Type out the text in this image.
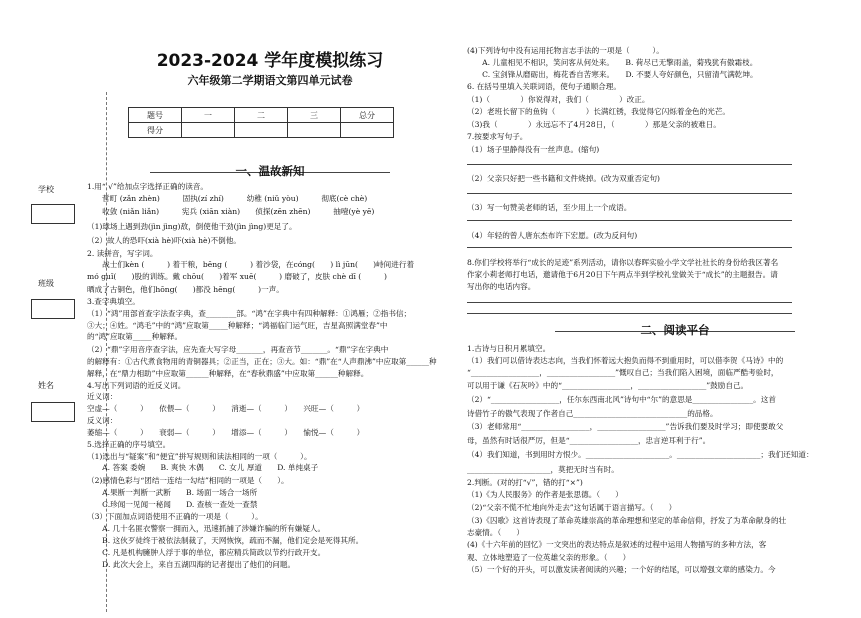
学校
班级
姓名
2023-2024 学年度模拟练习
六年级第二学期语文第四单元试卷
题号	一	二	三	总分
得分				
一、温故新知
二、阅读平台
1.用“ √”给加点字选择正确的读音。
　　哲町 (zǎn zhèn)　　　固执(zí zhí)　　　幼稚 (niǔ yòu)　　　彻底(cè chè)
　　收敛 (niǎn liǎn)　　　宪兵 (xiān xiàn)　　侦探(zēn zhēn)　　　抽噎(yè yē)
（1)球场上遇到劲(jìn jìng)敌，倒使他干劲(jìn jìng)更足了。
（2）故人的恐吓(xià hè)吓(xià hè)不倒他。
2. 读拼音，写字词。
　　战士们kèn (　　　) 着干粮，bēng (　　　) 着沙袋，在cóng(　　) lì jūn(　　)峙间进行着
mó guǐ(　　)股的训练。戴 chōu(　　)着军 xuē(　　　) 磨破了，皮肤 chè dī (　　　)
晒成了古铜色，他们hōng(　　)都没 hēng(　　　)一声。
3.查字典填空。
（1）“鸿”用部首查字法查字典，查________部。“鸿”在字典中有四种解释：①鸿雁；②指书信；
③大；④姓。“鸿毛”中的“鸿”应取第_____种解释；“鸿福临门运气旺，吉星高照满堂春”中
的“鸿”应取第_____种解释。
（2）“鼎”字用音序查字法，应先查大写字母_______，再查音节_______。“鼎”字在字典中
的解释有：①古代煮食物用的青铜器具；②正当，正在；③大。如：“鼎”在“人声鼎沸”中应取第______种
解释，在“鼎力相助”中应取第______种解释，在“春秋鼎盛”中应取第______种解释。
4.写出下列词语的近反义词。
近义词：
空虚—（　　　）　　依偎—（　　　）　　消逝—（　　　）　　兴旺—（　　　）
反义词：
萎缩—（　　　）　　衰弱—（　　　）　　增添—（　　　）　　愉悦—（　　　）
5.选择正确的序号填空。
（1)选出与“疑案”和“便宜”拼写规则和读法相同的一项（　　　）。
　　A. 答案 委婉　　B. 爽快 木偶　　C. 女儿 厚道　　D. 单纯桌子
（2)感情色彩与“团结一连结一勾结”相同的一项是（　　）。
　　A.果断一判断一武断　　B. 场面一场合一场所
　　C.珍闻一见闻一秘闻　　D. 查核一查处一查禁
（3）下面加点词语使用不正确的一项是（　　　）。
　　A. 几十名匪衣警察一拥而入，迅速抓捕了涉嫌诈骗的所有嫌疑人。
　　B. 这伙歹徒终于被依法制裁了，天网恢恢，疏而不漏，他们定会是死得其所。
　　C. 凡是机构臃肿人浮于事的单位，都应精兵简政以节约行政开支。
　　D. 此次大会上，来自五湖四海的记者提出了他们的问题。
(4)下列诗句中没有运用托物言志手法的一项是（　　　）。
　　A. 儿童相见不相识，笑问客从何处来。　　B. 荷尽已无擎雨盖，菊残犹有傲霜枝。
　　C. 宝剑锋从磨砺出，梅花香自苦寒来。　　D. 不要人夸好颜色，只留清气满乾坤。
6. 在括号里填入关联词语，使句子通顺合理。
（1)（　　　　）你说得对，我们（　　　　）改正。
（2）老班长留下的鱼钩（　　　　）长满红锈，我觉得它闪烁着金色的光芒。
（3)我（　　　　）永远忘不了4月28日，（　　　　）那是父亲的被难日。
7.按要求写句子。
（1）场子里静得没有一丝声息。(缩句)
（2）父亲只好把一些书籍和文件烧掉。(改为双重否定句)
（3）写一句赞美老师的话，至少用上一个成语。
（4）年轻的曾人唐东杰布许下宏愿。(改为反问句)
8.你们学校将举行“成长的足迹”系列活动，请你以春晖实验小学文学社社长的身份给我区著名
作家小莉老师打电话，邀请他于6月20日下午两点半到学校礼堂做关于“成长”的主题报告。请
写出你的电话内容。
1.古诗与日积月累填空。
（1）我们可以借诗表达志向，当我们怀着远大抱负而得不到重用时，可以借李贺《马诗》中的
“__________________，__________________”慨叹自己；当我们陷入困境，面临严酷考验时，
可以用于谦《石灰吟》中的“__________________，__________________”鼓励自己。
（2）“__________________，任尔东西南北风”诗句中“尔”的意思是________________。这首
诗借竹子的傲气表现了作者自己______________________________的品格。
（3）老师常用“__________________，__________________”告诉我们要及时学习；即使要敢父
母，虽然有时话很严厉，但是“__________________，忠言逆耳利于行”。
（4）我们知道，书到用时方恨少。______________________。______________________；我们还知道：
______________________，莫把无时当有时。
2.判断。(对的打“√”，错的打“×”)
（1)《为人民服务》的作者是张思德。（　　）
（2)“父亲不慌不忙地向外走去”这句话属于语言描写。（　　）
（3)《囚歌》这首诗表现了革命英雄崇高的革命理想和坚定的革命信仰，抒发了为革命献身的壮
志豪情。（　　）
(4)《十六年前的回忆》一文突出的表达特点是叙述的过程中运用人物描写的多种方法，客
观、立体地塑造了一位英雄父亲的形象。（　　）
（5）一个好的开头，可以激发读者阅读的兴趣；一个好的结尾，可以增强文章的感染力。今
